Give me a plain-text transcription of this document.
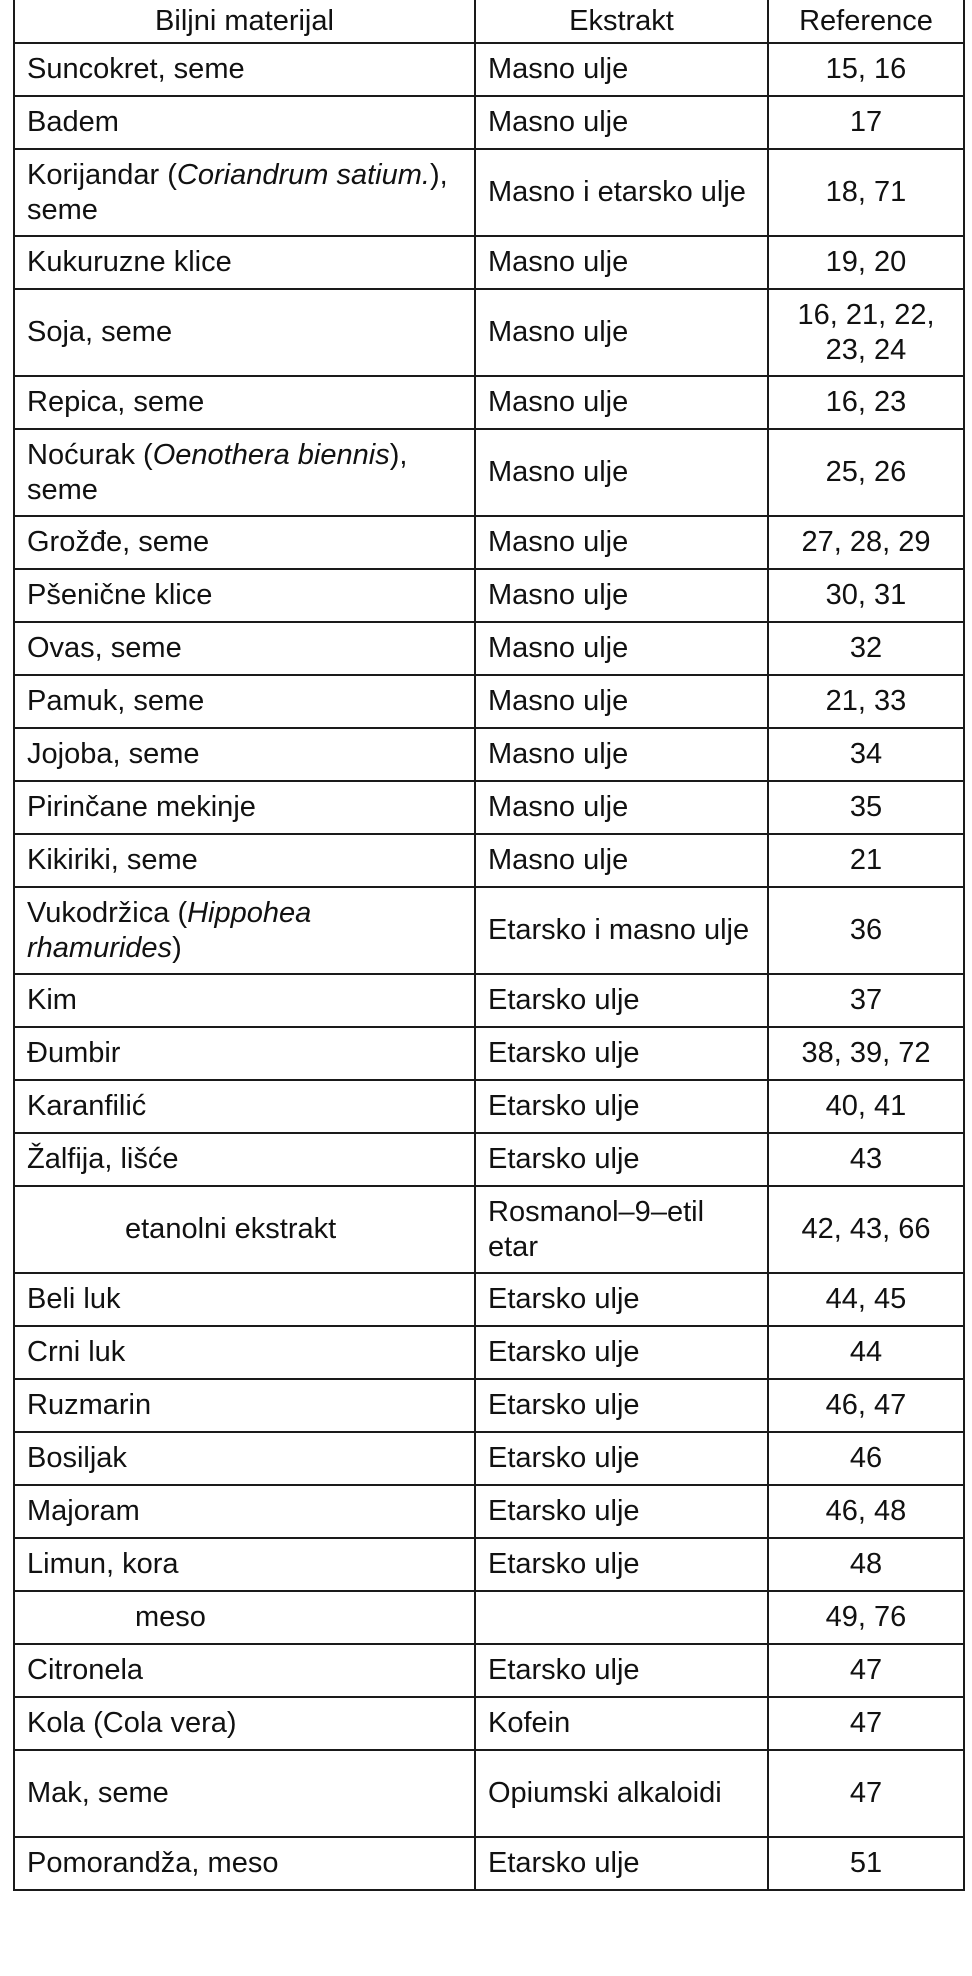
Biljni materijal	Ekstrakt	Reference
Suncokret, seme	Masno ulje	15, 16
Badem	Masno ulje	17
Korijandar (Coriandrum satium.), seme	Masno i etarsko ulje	18, 71
Kukuruzne klice	Masno ulje	19, 20
Soja, seme	Masno ulje	16, 21, 22, 23, 24
Repica, seme	Masno ulje	16, 23
Noćurak (Oenothera biennis), seme	Masno ulje	25, 26
Grožđe, seme	Masno ulje	27, 28, 29
Pšenične klice	Masno ulje	30, 31
Ovas, seme	Masno ulje	32
Pamuk, seme	Masno ulje	21, 33
Jojoba, seme	Masno ulje	34
Pirinčane mekinje	Masno ulje	35
Kikiriki, seme	Masno ulje	21
Vukodržica (Hippohea rhamurides)	Etarsko i masno ulje	36
Kim	Etarsko ulje	37
Đumbir	Etarsko ulje	38, 39, 72
Karanfilić	Etarsko ulje	40, 41
Žalfija, lišće	Etarsko ulje	43
etanolni ekstrakt	Rosmanol–9–etil etar	42, 43, 66
Beli luk	Etarsko ulje	44, 45
Crni luk	Etarsko ulje	44
Ruzmarin	Etarsko ulje	46, 47
Bosiljak	Etarsko ulje	46
Majoram	Etarsko ulje	46, 48
Limun, kora	Etarsko ulje	48
meso		49, 76
Citronela	Etarsko ulje	47
Kola (Cola vera)	Kofein	47
Mak, seme	Opiumski alkaloidi	47
Pomorandža, meso	Etarsko ulje	51
